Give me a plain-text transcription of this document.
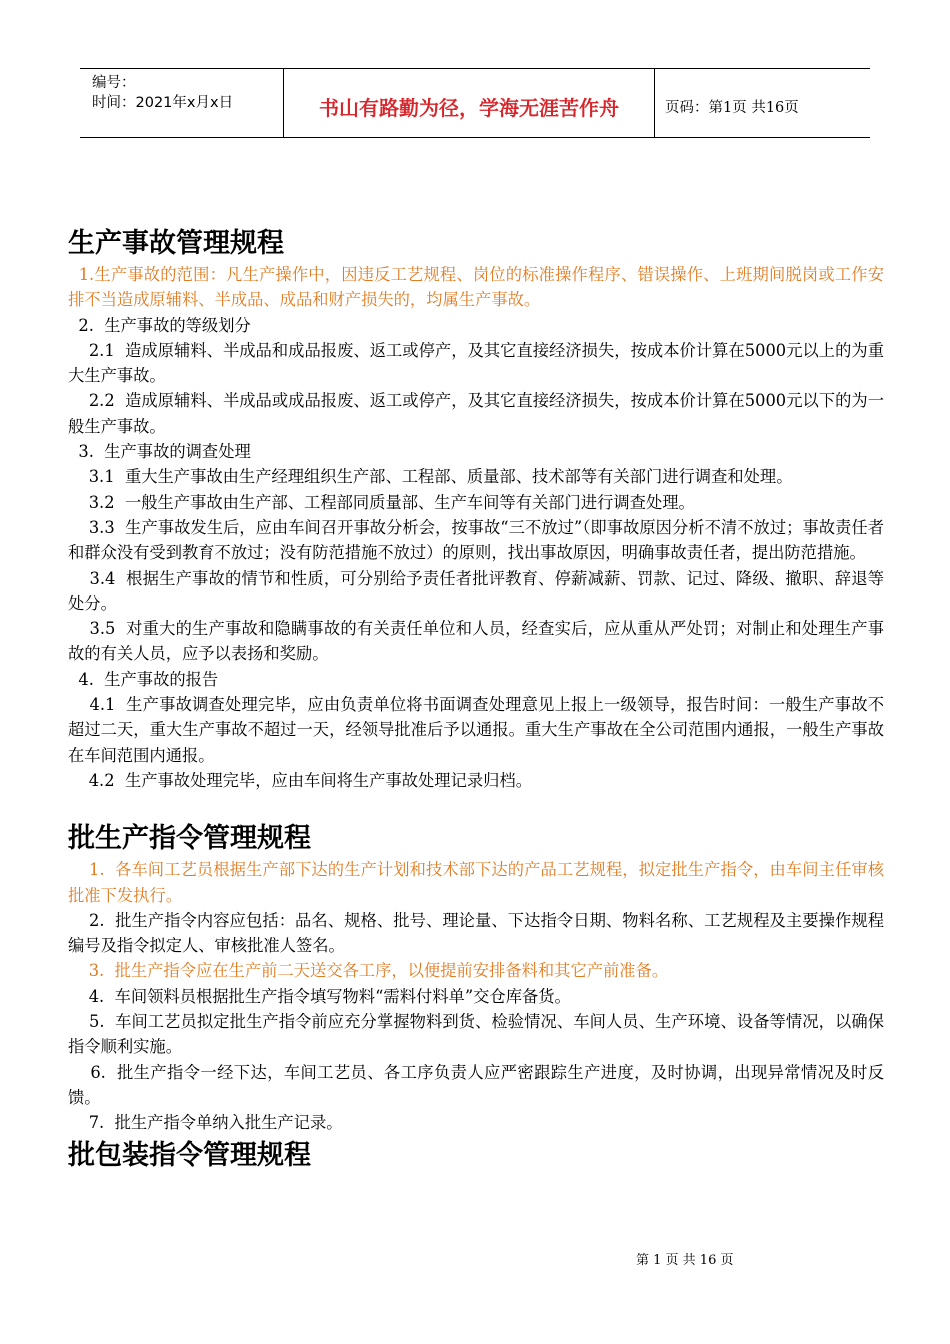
编号：
时间：2021年x月x日	书山有路勤为径，学海无涯苦作舟	页码：第1页 共16页
生产事故管理规程

1.生产事故的范围：凡生产操作中，因违反工艺规程、岗位的标准操作程序、错误操作、上班期间脱岗或工作安排不当造成原辅料、半成品、成品和财产损失的，均属生产事故。

2.  生产事故的等级划分

2.1  造成原辅料、半成品和成品报废、返工或停产，及其它直接经济损失，按成本价计算在5000元以上的为重大生产事故。

2.2  造成原辅料、半成品或成品报废、返工或停产，及其它直接经济损失，按成本价计算在5000元以下的为一般生产事故。

3.  生产事故的调查处理

3.1  重大生产事故由生产经理组织生产部、工程部、质量部、技术部等有关部门进行调查和处理。

3.2  一般生产事故由生产部、工程部同质量部、生产车间等有关部门进行调查处理。

3.3  生产事故发生后，应由车间召开事故分析会，按事故“三不放过”（即事故原因分析不清不放过；事故责任者和群众没有受到教育不放过；没有防范措施不放过）的原则，找出事故原因，明确事故责任者，提出防范措施。

3.4  根据生产事故的情节和性质，可分别给予责任者批评教育、停薪减薪、罚款、记过、降级、撤职、辞退等处分。

3.5  对重大的生产事故和隐瞒事故的有关责任单位和人员，经查实后，应从重从严处罚；对制止和处理生产事故的有关人员，应予以表扬和奖励。

4.  生产事故的报告

4.1  生产事故调查处理完毕，应由负责单位将书面调查处理意见上报上一级领导，报告时间：一般生产事故不超过二天，重大生产事故不超过一天，经领导批准后予以通报。重大生产事故在全公司范围内通报，一般生产事故在车间范围内通报。

4.2  生产事故处理完毕，应由车间将生产事故处理记录归档。

批生产指令管理规程

1.  各车间工艺员根据生产部下达的生产计划和技术部下达的产品工艺规程，拟定批生产指令，由车间主任审核批准下发执行。

2.  批生产指令内容应包括：品名、规格、批号、理论量、下达指令日期、物料名称、工艺规程及主要操作规程编号及指令拟定人、审核批准人签名。

3.  批生产指令应在生产前二天送交各工序，以便提前安排备料和其它产前准备。

4.  车间领料员根据批生产指令填写物料“需料付料单”交仓库备货。

5.  车间工艺员拟定批生产指令前应充分掌握物料到货、检验情况、车间人员、生产环境、设备等情况，以确保指令顺利实施。

6.  批生产指令一经下达，车间工艺员、各工序负责人应严密跟踪生产进度，及时协调，出现异常情况及时反馈。

7.  批生产指令单纳入批生产记录。

批包装指令管理规程
第 1 页 共 16 页
